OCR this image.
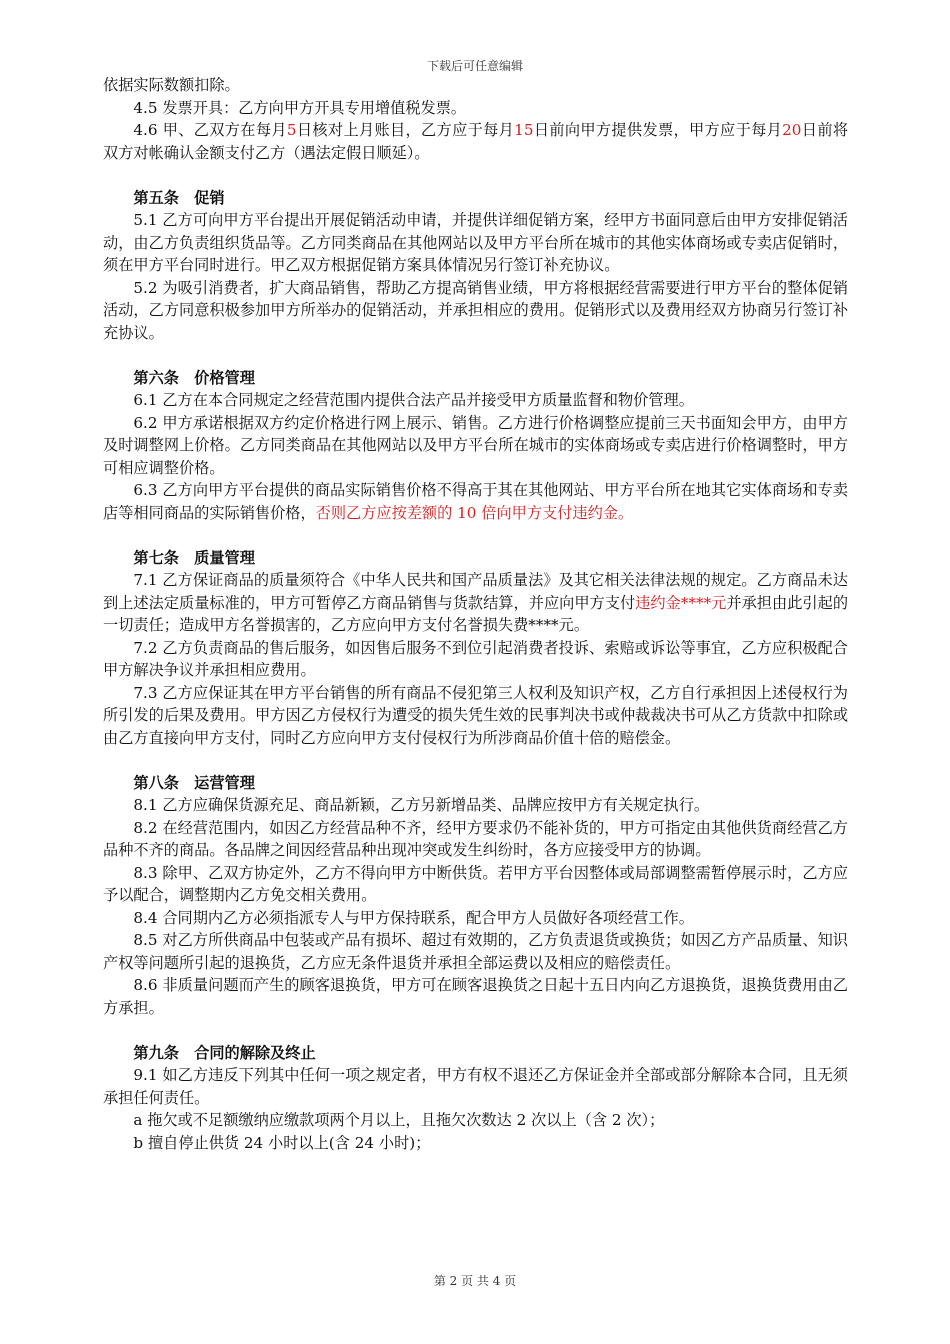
下载后可任意编辑

依据实际数额扣除。

4.5 发票开具：乙方向甲方开具专用增值税发票。

4.6 甲、乙双方在每月5日核对上月账目，乙方应于每月15日前向甲方提供发票，甲方应于每月20日前将双方对帐确认金额支付乙方（遇法定假日顺延）。

第五条　促销

5.1 乙方可向甲方平台提出开展促销活动申请，并提供详细促销方案，经甲方书面同意后由甲方安排促销活动，由乙方负责组织货品等。乙方同类商品在其他网站以及甲方平台所在城市的其他实体商场或专卖店促销时，须在甲方平台同时进行。甲乙双方根据促销方案具体情况另行签订补充协议。

5.2 为吸引消费者，扩大商品销售，帮助乙方提高销售业绩，甲方将根据经营需要进行甲方平台的整体促销活动，乙方同意积极参加甲方所举办的促销活动，并承担相应的费用。促销形式以及费用经双方协商另行签订补充协议。

第六条　价格管理

6.1 乙方在本合同规定之经营范围内提供合法产品并接受甲方质量监督和物价管理。

6.2 甲方承诺根据双方约定价格进行网上展示、销售。乙方进行价格调整应提前三天书面知会甲方，由甲方及时调整网上价格。乙方同类商品在其他网站以及甲方平台所在城市的实体商场或专卖店进行价格调整时，甲方可相应调整价格。

6.3 乙方向甲方平台提供的商品实际销售价格不得高于其在其他网站、甲方平台所在地其它实体商场和专卖店等相同商品的实际销售价格，否则乙方应按差额的 10 倍向甲方支付违约金。

第七条　质量管理

7.1 乙方保证商品的质量须符合《中华人民共和国产品质量法》及其它相关法律法规的规定。乙方商品未达到上述法定质量标准的，甲方可暂停乙方商品销售与货款结算，并应向甲方支付违约金****元并承担由此引起的一切责任；造成甲方名誉损害的，乙方应向甲方支付名誉损失费****元。

7.2 乙方负责商品的售后服务，如因售后服务不到位引起消费者投诉、索赔或诉讼等事宜，乙方应积极配合甲方解决争议并承担相应费用。

7.3 乙方应保证其在甲方平台销售的所有商品不侵犯第三人权利及知识产权，乙方自行承担因上述侵权行为所引发的后果及费用。甲方因乙方侵权行为遭受的损失凭生效的民事判决书或仲裁裁决书可从乙方货款中扣除或由乙方直接向甲方支付，同时乙方应向甲方支付侵权行为所涉商品价值十倍的赔偿金。

第八条　运营管理

8.1 乙方应确保货源充足、商品新颖，乙方另新增品类、品牌应按甲方有关规定执行。

8.2 在经营范围内，如因乙方经营品种不齐，经甲方要求仍不能补货的，甲方可指定由其他供货商经营乙方品种不齐的商品。各品牌之间因经营品种出现冲突或发生纠纷时，各方应接受甲方的协调。

8.3 除甲、乙双方协定外，乙方不得向甲方中断供货。若甲方平台因整体或局部调整需暂停展示时，乙方应予以配合，调整期内乙方免交相关费用。

8.4 合同期内乙方必须指派专人与甲方保持联系，配合甲方人员做好各项经营工作。

8.5 对乙方所供商品中包装或产品有损坏、超过有效期的，乙方负责退货或换货；如因乙方产品质量、知识产权等问题所引起的退换货，乙方应无条件退货并承担全部运费以及相应的赔偿责任。

8.6 非质量问题而产生的顾客退换货，甲方可在顾客退换货之日起十五日内向乙方退换货，退换货费用由乙方承担。

第九条　合同的解除及终止

9.1 如乙方违反下列其中任何一项之规定者，甲方有权不退还乙方保证金并全部或部分解除本合同，且无须承担任何责任。

a 拖欠或不足额缴纳应缴款项两个月以上，且拖欠次数达 2 次以上（含 2 次）；

b 擅自停止供货 24 小时以上(含 24 小时)；

第 2 页 共 4 页
